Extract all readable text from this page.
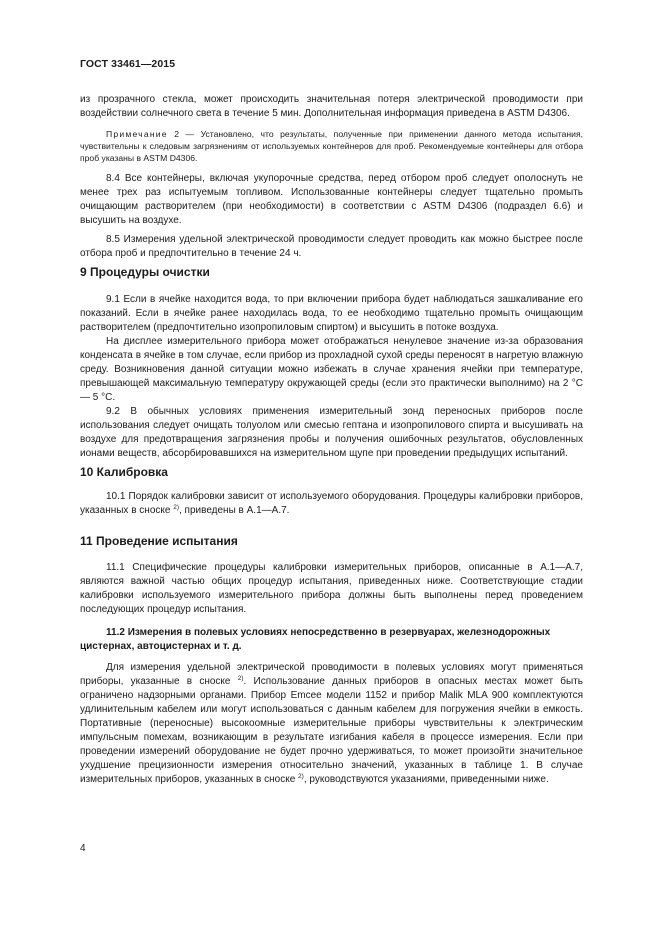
ГОСТ 33461—2015

из прозрачного стекла, может происходить значительная потеря электрической проводимости при воздействии солнечного света в течение 5 мин. Дополнительная информация приведена в ASTM D4306.

Примечание 2 — Установлено, что результаты, полученные при применении данного метода испытания, чувствительны к следовым загрязнениям от используемых контейнеров для проб. Рекомендуемые контейнеры для отбора проб указаны в ASTM D4306.

8.4 Все контейнеры, включая укупорочные средства, перед отбором проб следует ополоснуть не менее трех раз испытуемым топливом. Использованные контейнеры следует тщательно промыть очищающим растворителем (при необходимости) в соответствии с ASTM D4306 (подраздел 6.6) и высушить на воздухе.

8.5 Измерения удельной электрической проводимости следует проводить как можно быстрее после отбора проб и предпочтительно в течение 24 ч.

9 Процедуры очистки

9.1 Если в ячейке находится вода, то при включении прибора будет наблюдаться зашкаливание его показаний. Если в ячейке ранее находилась вода, то ее необходимо тщательно промыть очищающим растворителем (предпочтительно изопропиловым спиртом) и высушить в потоке воздуха.

На дисплее измерительного прибора может отображаться ненулевое значение из-за образования конденсата в ячейке в том случае, если прибор из прохладной сухой среды переносят в нагретую влажную среду. Возникновения данной ситуации можно избежать в случае хранения ячейки при температуре, превышающей максимальную температуру окружающей среды (если это практически выполнимо) на 2 °C — 5 °C.

9.2 В обычных условиях применения измерительный зонд переносных приборов после использования следует очищать толуолом или смесью гептана и изопропилового спирта и высушивать на воздухе для предотвращения загрязнения пробы и получения ошибочных результатов, обусловленных ионами веществ, абсорбировавшихся на измерительном щупе при проведении предыдущих испытаний.

10 Калибровка

10.1 Порядок калибровки зависит от используемого оборудования. Процедуры калибровки приборов, указанных в сноске $^{2)}$, приведены в А.1—А.7.

11 Проведение испытания

11.1 Специфические процедуры калибровки измерительных приборов, описанные в А.1—А.7, являются важной частью общих процедур испытания, приведенных ниже. Соответствующие стадии калибровки используемого измерительного прибора должны быть выполнены перед проведением последующих процедур испытания.

11.2 Измерения в полевых условиях непосредственно в резервуарах, железнодорожных цистернах, автоцистернах и т. д.

Для измерения удельной электрической проводимости в полевых условиях могут применяться приборы, указанные в сноске $^{2)}$. Использование данных приборов в опасных местах может быть ограничено надзорными органами. Прибор Emcee модели 1152 и прибор Malik MLA 900 комплектуются удлинительным кабелем или могут использоваться с данным кабелем для погружения ячейки в емкость. Портативные (переносные) высокоомные измерительные приборы чувствительны к электрическим импульсным помехам, возникающим в результате изгибания кабеля в процессе измерения. Если при проведении измерений оборудование не будет прочно удерживаться, то может произойти значительное ухудшение прецизионности измерения относительно значений, указанных в таблице 1. В случае измерительных приборов, указанных в сноске $^{2)}$, руководствуются указаниями, приведенными ниже.

4
